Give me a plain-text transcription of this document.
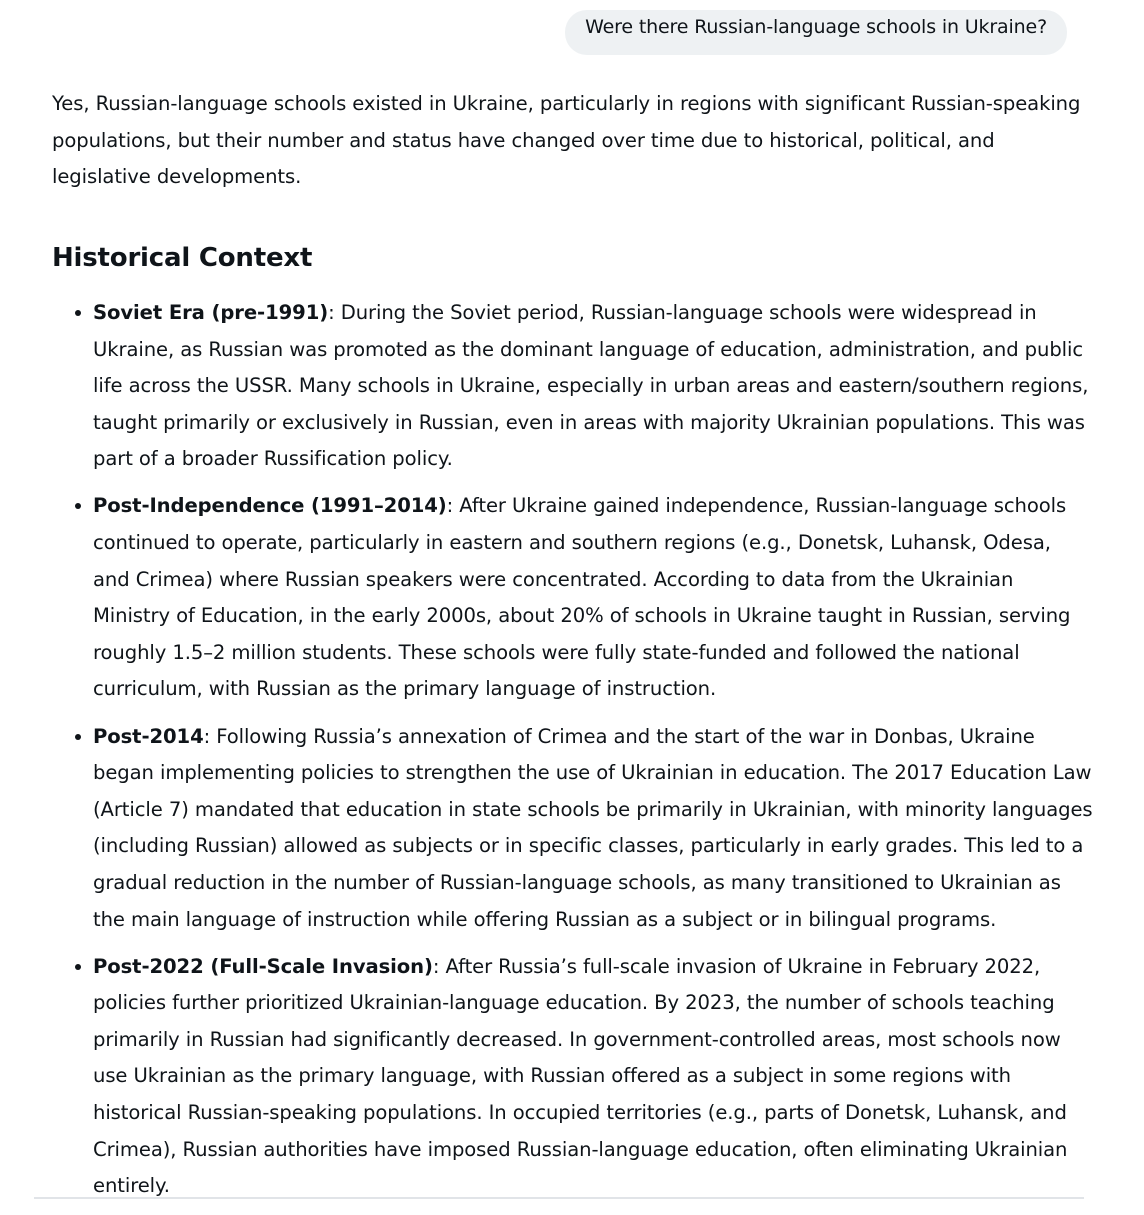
Were there Russian-language schools in Ukraine?

Yes, Russian-language schools existed in Ukraine, particularly in regions with significant Russian-speaking populations, but their number and status have changed over time due to historical, political, and legislative developments.

Historical Context
Soviet Era (pre-1991): During the Soviet period, Russian-language schools were widespread in Ukraine, as Russian was promoted as the dominant language of education, administration, and public life across the USSR. Many schools in Ukraine, especially in urban areas and eastern/southern regions, taught primarily or exclusively in Russian, even in areas with majority Ukrainian populations. This was part of a broader Russification policy.
Post-Independence (1991–2014): After Ukraine gained independence, Russian-language schools continued to operate, particularly in eastern and southern regions (e.g., Donetsk, Luhansk, Odesa, and Crimea) where Russian speakers were concentrated. According to data from the Ukrainian Ministry of Education, in the early 2000s, about 20% of schools in Ukraine taught in Russian, serving roughly 1.5–2 million students. These schools were fully state-funded and followed the national curriculum, with Russian as the primary language of instruction.
Post-2014: Following Russia’s annexation of Crimea and the start of the war in Donbas, Ukraine began implementing policies to strengthen the use of Ukrainian in education. The 2017 Education Law (Article 7) mandated that education in state schools be primarily in Ukrainian, with minority languages (including Russian) allowed as subjects or in specific classes, particularly in early grades. This led to a gradual reduction in the number of Russian-language schools, as many transitioned to Ukrainian as the main language of instruction while offering Russian as a subject or in bilingual programs.
Post-2022 (Full-Scale Invasion): After Russia’s full-scale invasion of Ukraine in February 2022, policies further prioritized Ukrainian-language education. By 2023, the number of schools teaching primarily in Russian had significantly decreased. In government-controlled areas, most schools now use Ukrainian as the primary language, with Russian offered as a subject in some regions with historical Russian-speaking populations. In occupied territories (e.g., parts of Donetsk, Luhansk, and Crimea), Russian authorities have imposed Russian-language education, often eliminating Ukrainian entirely.
